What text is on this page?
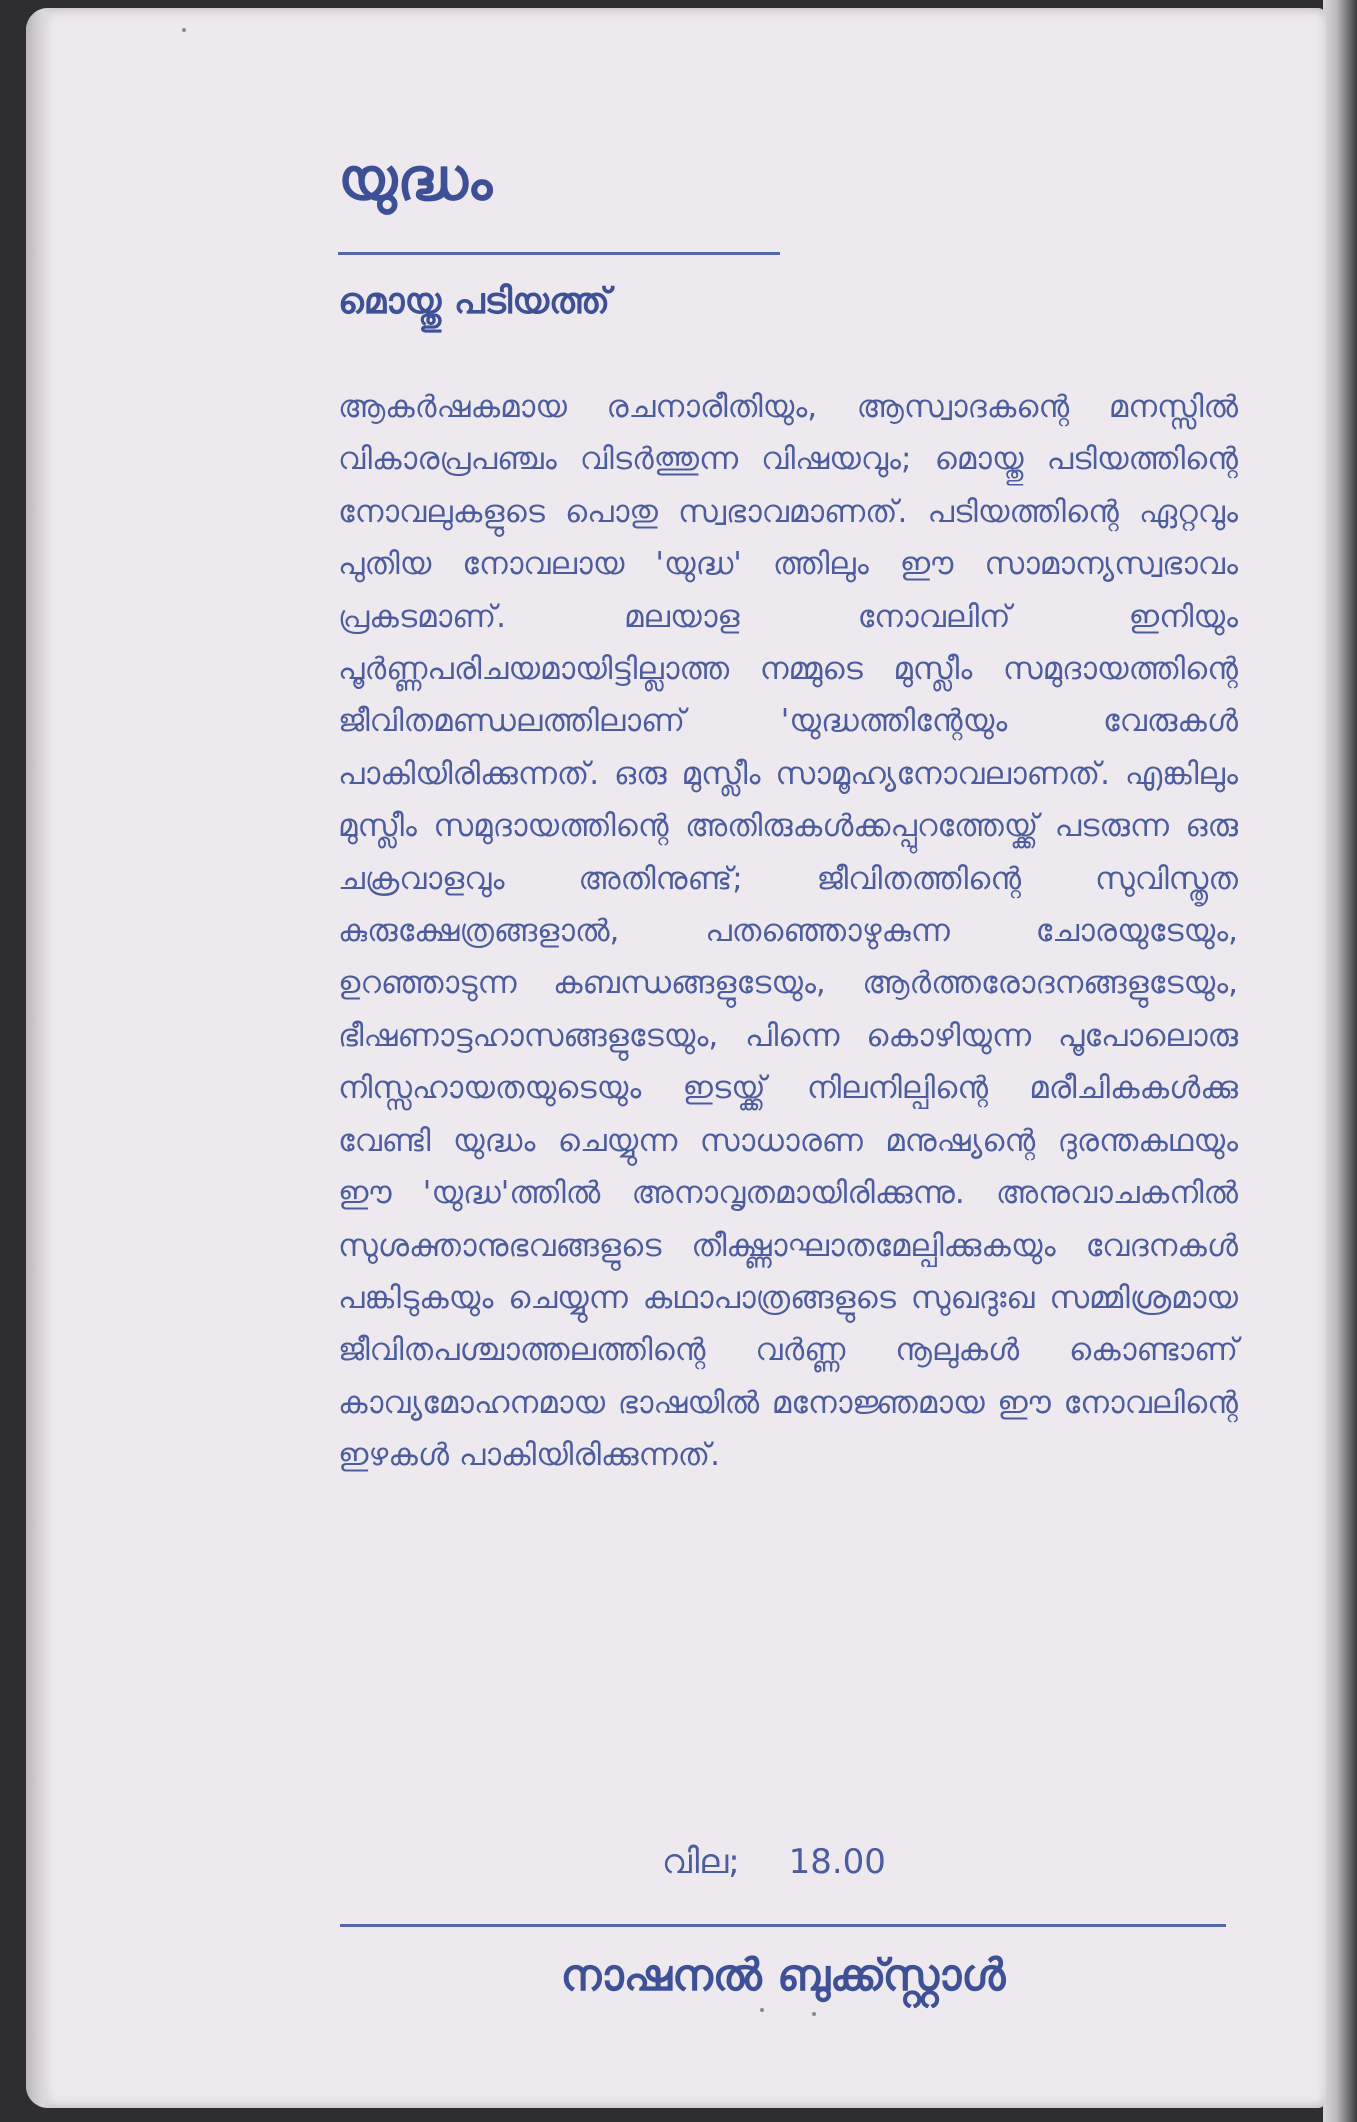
യുദ്ധം
മൊയ്തു പടിയത്ത്
ആകർഷകമായ രചനാരീതിയും, ആസ്വാദകന്റെ മനസ്സിൽ വികാരപ്രപഞ്ചം വിടർത്തുന്ന വിഷയവും; മൊയ്തു പടിയത്തിന്റെ നോവലുകളുടെ പൊതു സ്വഭാവമാണത്. പടിയത്തിന്റെ ഏറ്റവും പുതിയ നോവലായ 'യുദ്ധ' ത്തിലും ഈ സാമാന്യസ്വഭാവം പ്രകടമാണ്. മലയാള നോവലിന് ഇനിയും പൂർണ്ണപരിചയമായിട്ടില്ലാത്ത നമ്മുടെ മുസ്ലീം സമുദായത്തിന്റെ ജീവിതമണ്ഡലത്തിലാണ് 'യുദ്ധത്തിന്റേയും വേരുകൾ പാകിയിരിക്കുന്നത്. ഒരു മുസ്ലീം സാമൂഹ്യനോവലാണത്. എങ്കിലും മുസ്ലീം സമുദായത്തിന്റെ അതിരുകൾക്കപ്പുറത്തേയ്ക്ക് പടരുന്ന ഒരു ചക്രവാളവും അതിനുണ്ട്; ജീവിതത്തിന്റെ സുവിസ്തൃത കുരുക്ഷേത്രങ്ങളാൽ, പതഞ്ഞൊഴുകുന്ന ചോരയുടേയും, ഉറഞ്ഞാടുന്ന കബന്ധങ്ങളുടേയും, ആർത്തരോദനങ്ങളുടേയും, ഭീഷണാട്ടഹാസങ്ങളുടേയും, പിന്നെ കൊഴിയുന്ന പൂപോലൊരു നിസ്സഹായതയുടെയും ഇടയ്ക്ക് നിലനില്പിന്റെ മരീചികകൾക്കു വേണ്ടി യുദ്ധം ചെയ്യുന്ന സാധാരണ മനുഷ്യന്റെ ദുരന്തകഥയും ഈ 'യുദ്ധ'ത്തിൽ അനാവൃതമായിരിക്കുന്നു. അനുവാചകനിൽ സുശക്താനുഭവങ്ങളുടെ തീക്ഷ്ണാഘാതമേല്പിക്കുകയും വേദനകൾ പങ്കിടുകയും ചെയ്യുന്ന കഥാപാത്രങ്ങളുടെ സുഖദുഃഖ സമ്മിശ്രമായ ജീവിതപശ്ചാത്തലത്തിന്റെ വർണ്ണ നൂലുകൾ കൊണ്ടാണ് കാവ്യമോഹനമായ ഭാഷയിൽ മനോജ്ഞമായ ഈ നോവലിന്റെ ഇഴകൾ പാകിയിരിക്കുന്നത്.
വില; 18.00
നാഷനൽ ബുക്ക്സ്റ്റാൾ
